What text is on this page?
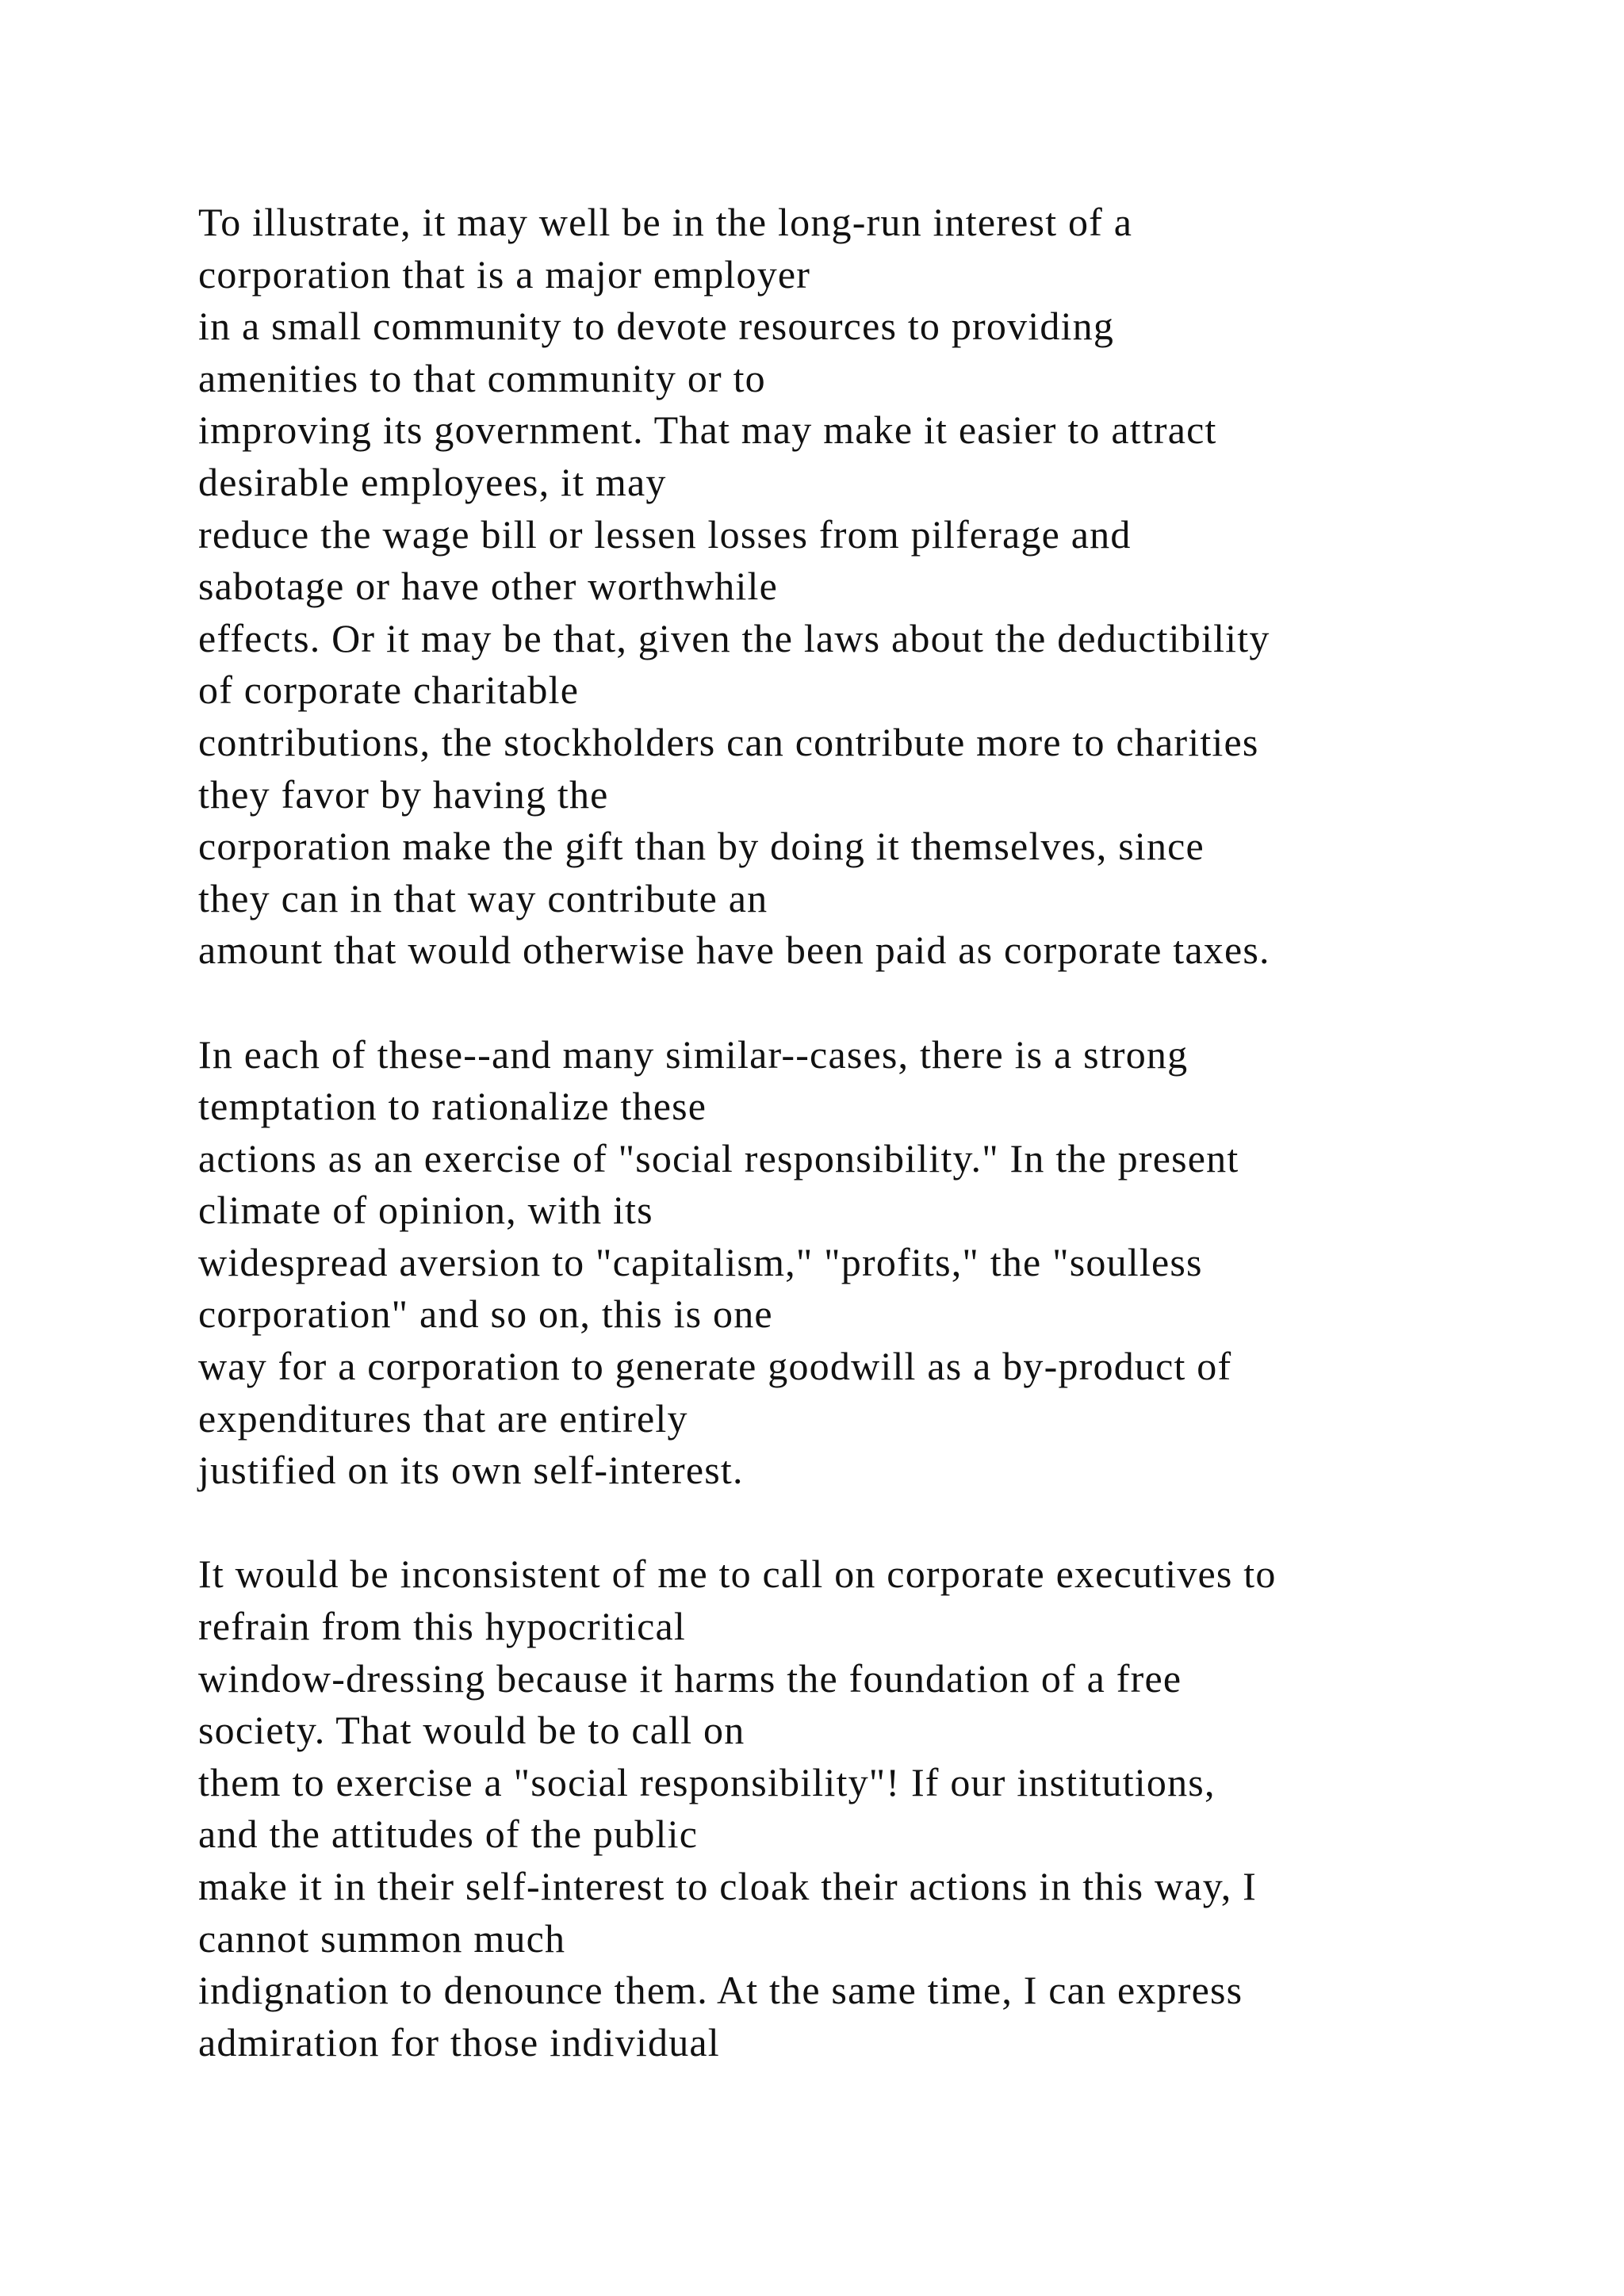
To illustrate, it may well be in the long-run interest of a
corporation that is a major employer
in a small community to devote resources to providing
amenities to that community or to
improving its government. That may make it easier to attract
desirable employees, it may
reduce the wage bill or lessen losses from pilferage and
sabotage or have other worthwhile
effects. Or it may be that, given the laws about the deductibility
of corporate charitable
contributions, the stockholders can contribute more to charities
they favor by having the
corporation make the gift than by doing it themselves, since
they can in that way contribute an
amount that would otherwise have been paid as corporate taxes.
In each of these--and many similar--cases, there is a strong
temptation to rationalize these
actions as an exercise of "social responsibility." In the present
climate of opinion, with its
widespread aversion to "capitalism," "profits," the "soulless
corporation" and so on, this is one
way for a corporation to generate goodwill as a by-product of
expenditures that are entirely
justified on its own self-interest.
It would be inconsistent of me to call on corporate executives to
refrain from this hypocritical
window-dressing because it harms the foundation of a free
society. That would be to call on
them to exercise a "social responsibility"! If our institutions,
and the attitudes of the public
make it in their self-interest to cloak their actions in this way, I
cannot summon much
indignation to denounce them. At the same time, I can express
admiration for those individual
